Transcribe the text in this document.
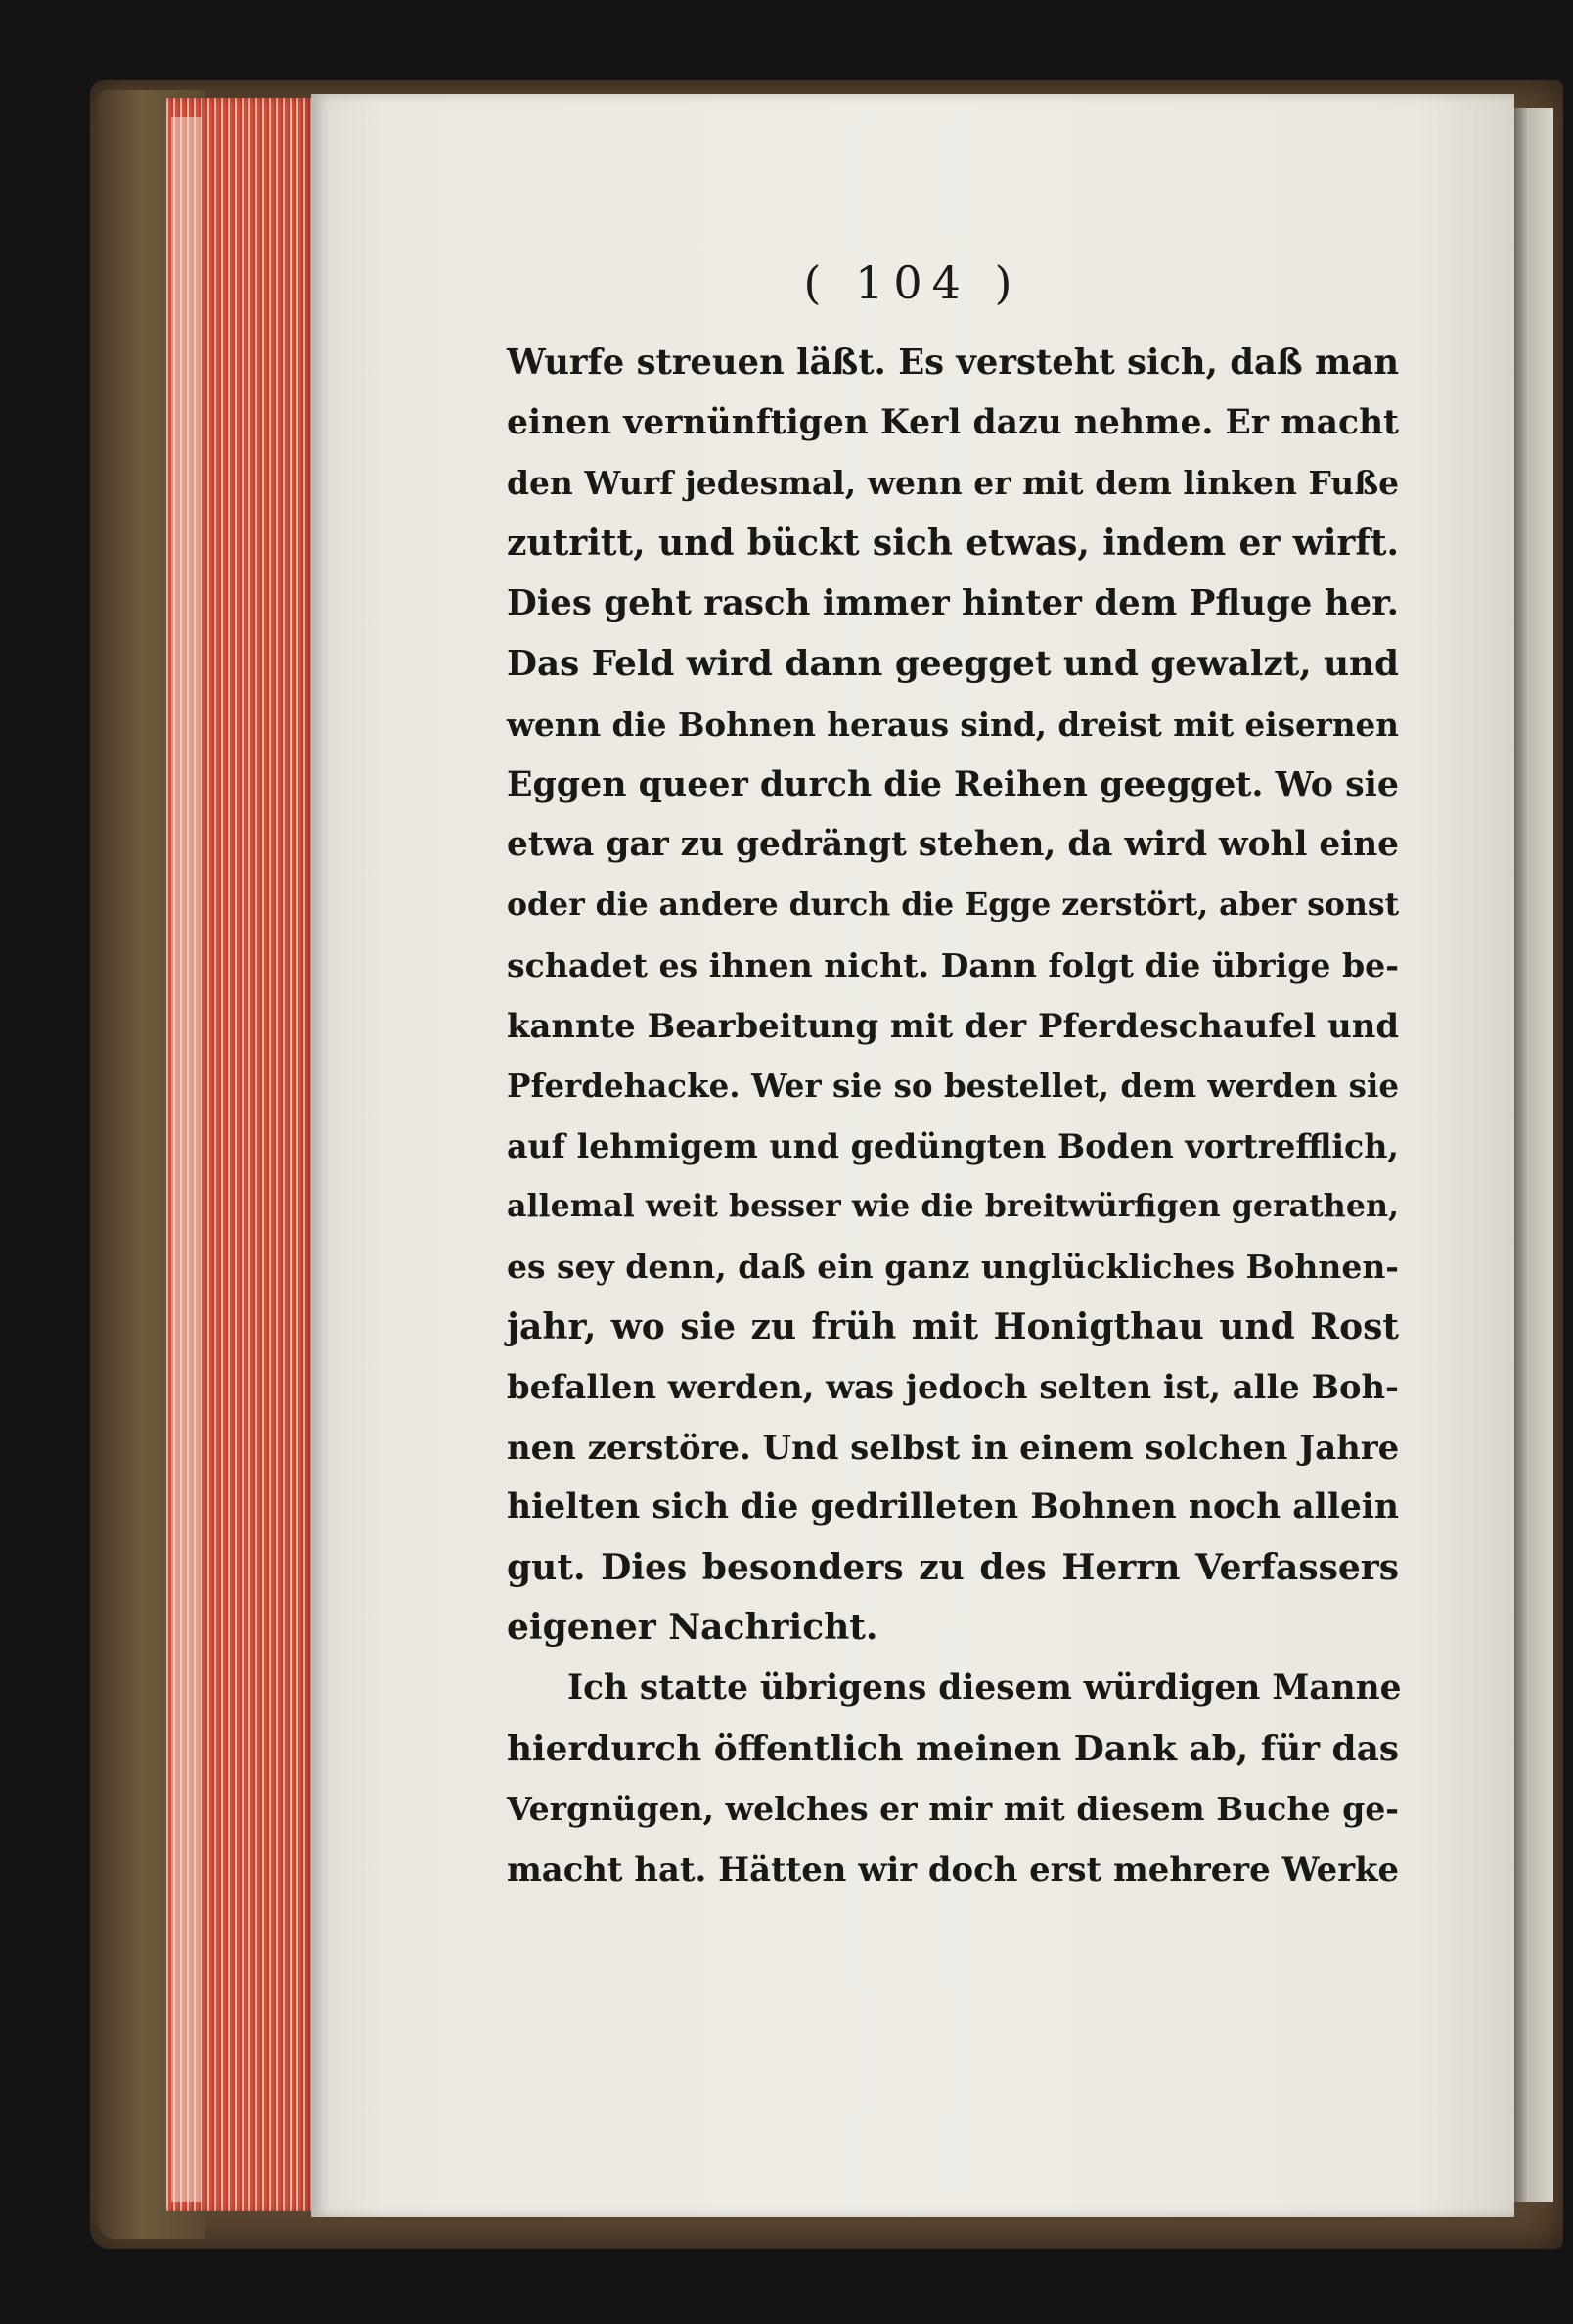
( 104 )
Wurfe streuen läßt. Es versteht sich, daß man
einen vernünftigen Kerl dazu nehme. Er macht
den Wurf jedesmal, wenn er mit dem linken Fuße
zutritt, und bückt sich etwas, indem er wirft.
Dies geht rasch immer hinter dem Pfluge her.
Das Feld wird dann geegget und gewalzt, und
wenn die Bohnen heraus sind, dreist mit eisernen
Eggen queer durch die Reihen geegget. Wo sie
etwa gar zu gedrängt stehen, da wird wohl eine
oder die andere durch die Egge zerstört, aber sonst
schadet es ihnen nicht. Dann folgt die übrige be-
kannte Bearbeitung mit der Pferdeschaufel und
Pferdehacke. Wer sie so bestellet, dem werden sie
auf lehmigem und gedüngten Boden vortrefflich,
allemal weit besser wie die breitwürfigen gerathen,
es sey denn, daß ein ganz unglückliches Bohnen-
jahr, wo sie zu früh mit Honigthau und Rost
befallen werden, was jedoch selten ist, alle Boh-
nen zerstöre. Und selbst in einem solchen Jahre
hielten sich die gedrilleten Bohnen noch allein
gut. Dies besonders zu des Herrn Verfassers
eigener Nachricht.
Ich statte übrigens diesem würdigen Manne
hierdurch öffentlich meinen Dank ab, für das
Vergnügen, welches er mir mit diesem Buche ge-
macht hat. Hätten wir doch erst mehrere Werke
